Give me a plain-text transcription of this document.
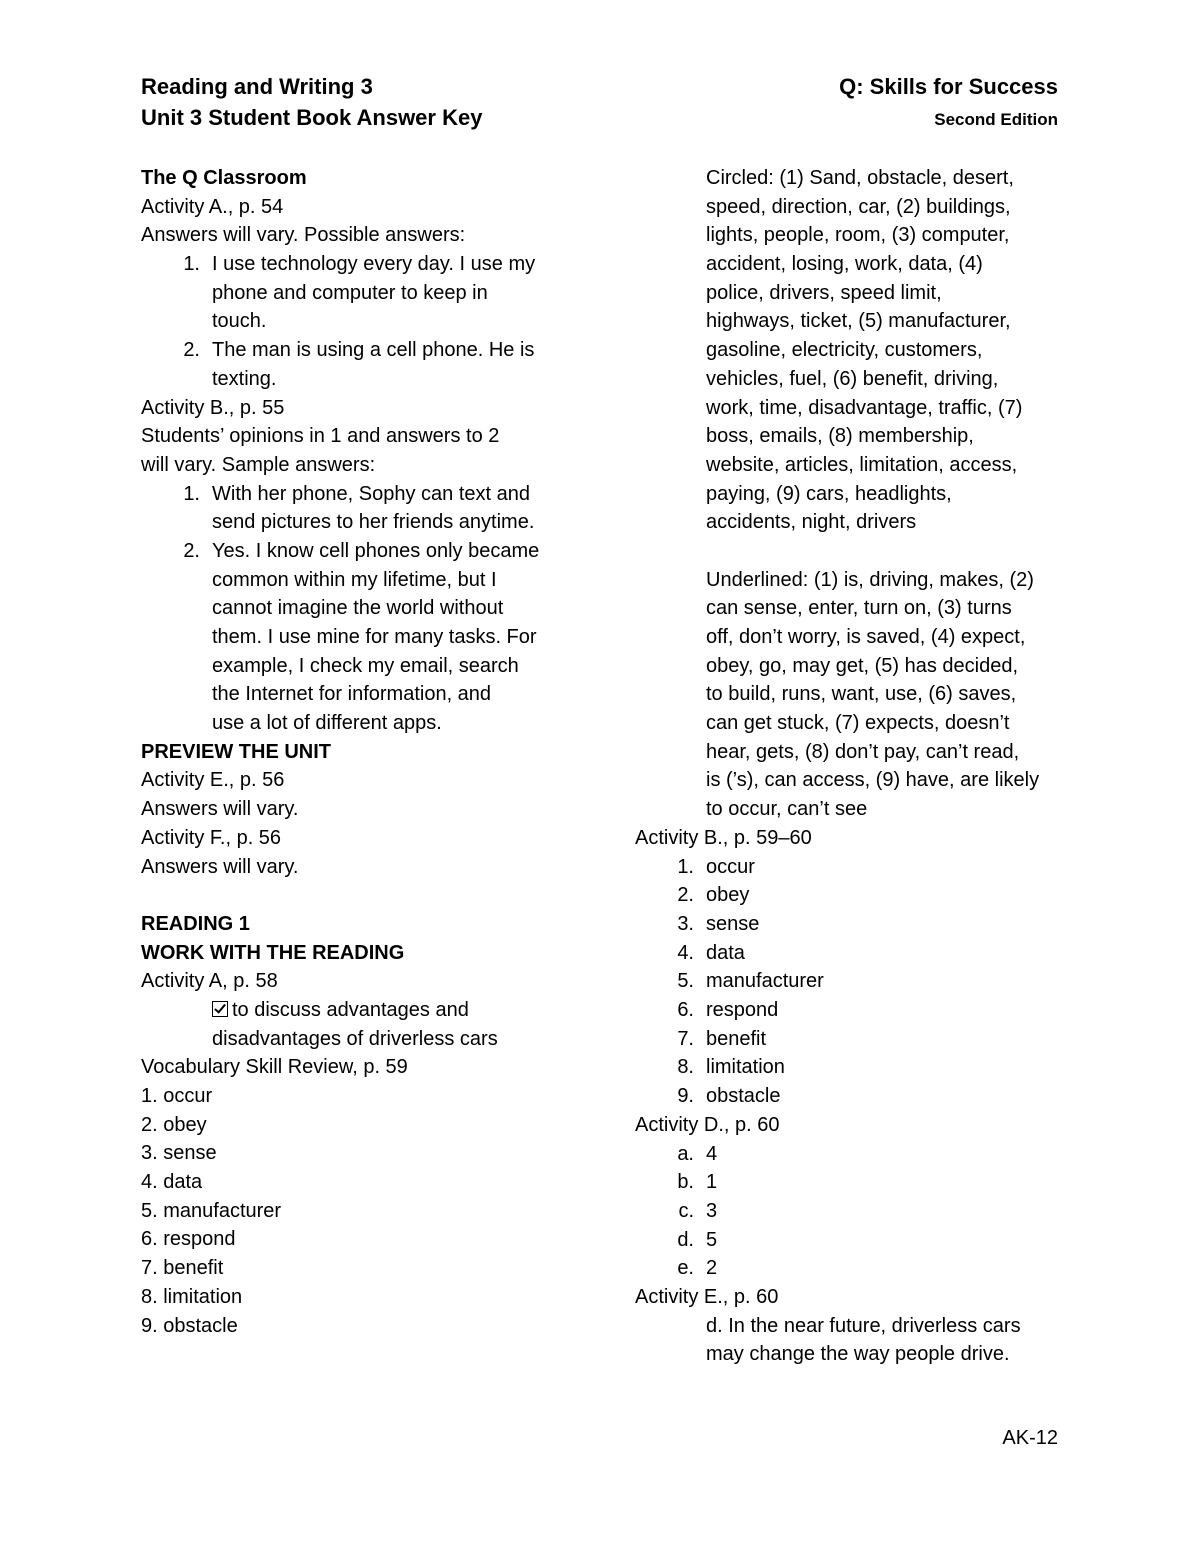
Reading and Writing 3
Unit 3 Student Book Answer Key
Q: Skills for Success
Second Edition
The Q Classroom
Activity A., p. 54
Answers will vary. Possible answers:
1. I use technology every day. I use my
phone and computer to keep in
touch.
2. The man is using a cell phone. He is
texting.
Activity B., p. 55
Students’ opinions in 1 and answers to 2
will vary. Sample answers:
1. With her phone, Sophy can text and
send pictures to her friends anytime.
2. Yes. I know cell phones only became
common within my lifetime, but I
cannot imagine the world without
them. I use mine for many tasks. For
example, I check my email, search
the Internet for information, and
use a lot of different apps.
PREVIEW THE UNIT
Activity E., p. 56
Answers will vary.
Activity F., p. 56
Answers will vary.
READING 1
WORK WITH THE READING
Activity A, p. 58
to discuss advantages and
disadvantages of driverless cars
Vocabulary Skill Review, p. 59
1. occur
2. obey
3. sense
4. data
5. manufacturer
6. respond
7. benefit
8. limitation
9. obstacle
Circled: (1) Sand, obstacle, desert,
speed, direction, car, (2) buildings,
lights, people, room, (3) computer,
accident, losing, work, data, (4)
police, drivers, speed limit,
highways, ticket, (5) manufacturer,
gasoline, electricity, customers,
vehicles, fuel, (6) benefit, driving,
work, time, disadvantage, traffic, (7)
boss, emails, (8) membership,
website, articles, limitation, access,
paying, (9) cars, headlights,
accidents, night, drivers
Underlined: (1) is, driving, makes, (2)
can sense, enter, turn on, (3) turns
off, don’t worry, is saved, (4) expect,
obey, go, may get, (5) has decided,
to build, runs, want, use, (6) saves,
can get stuck, (7) expects, doesn’t
hear, gets, (8) don’t pay, can’t read,
is (’s), can access, (9) have, are likely
to occur, can’t see
Activity B., p. 59–60
1. occur
2. obey
3. sense
4. data
5. manufacturer
6. respond
7. benefit
8. limitation
9. obstacle
Activity D., p. 60
a. 4
b. 1
c. 3
d. 5
e. 2
Activity E., p. 60
d. In the near future, driverless cars
may change the way people drive.
AK-12
